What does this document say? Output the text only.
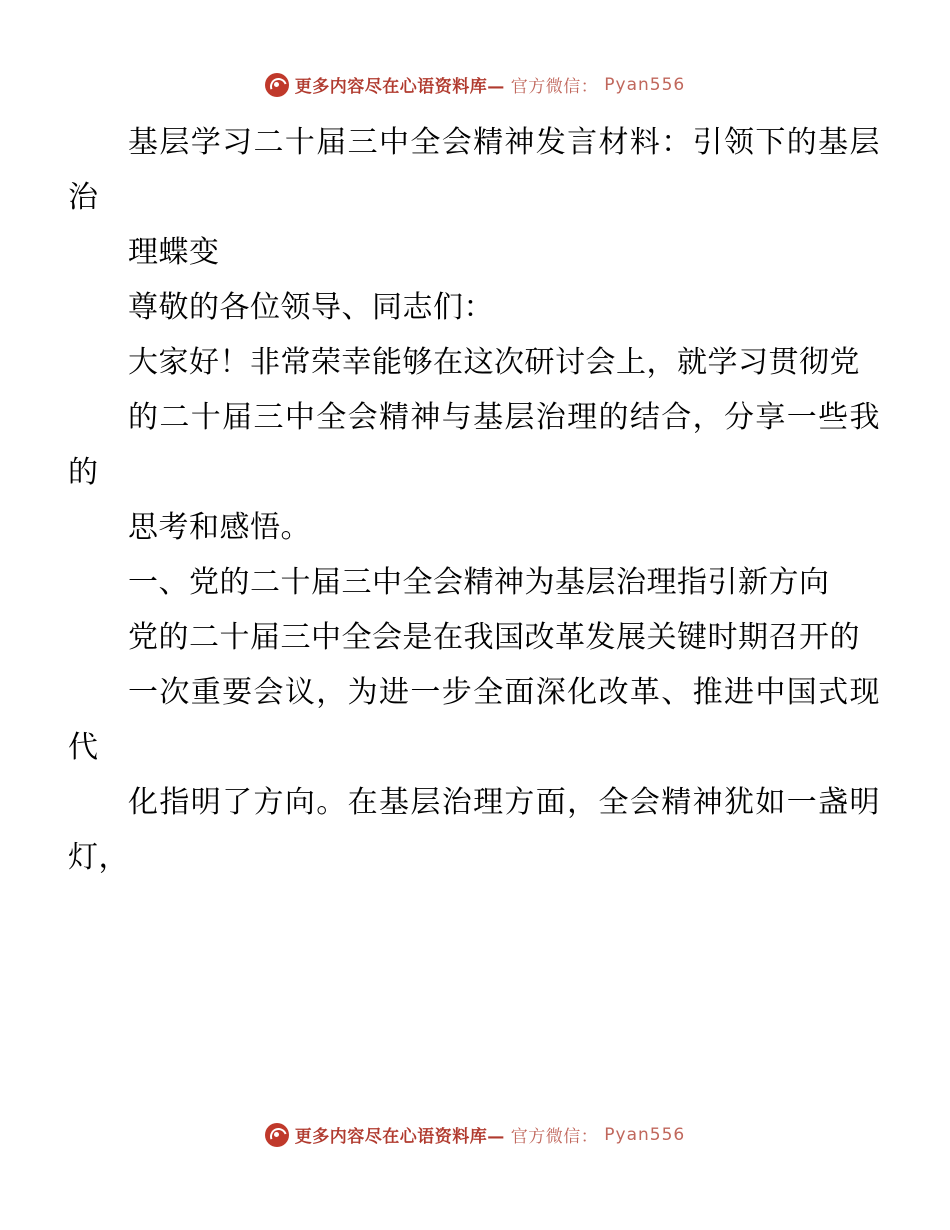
更多内容尽在心语资料库— 官方微信： Pyan556

基层学习二十届三中全会精神发言材料：引领下的基层治

理蝶变

尊敬的各位领导、同志们：

大家好！非常荣幸能够在这次研讨会上，就学习贯彻党

的二十届三中全会精神与基层治理的结合，分享一些我的

思考和感悟。

一、党的二十届三中全会精神为基层治理指引新方向

党的二十届三中全会是在我国改革发展关键时期召开的

一次重要会议，为进一步全面深化改革、推进中国式现代

化指明了方向。在基层治理方面，全会精神犹如一盏明灯，

更多内容尽在心语资料库— 官方微信： Pyan556
